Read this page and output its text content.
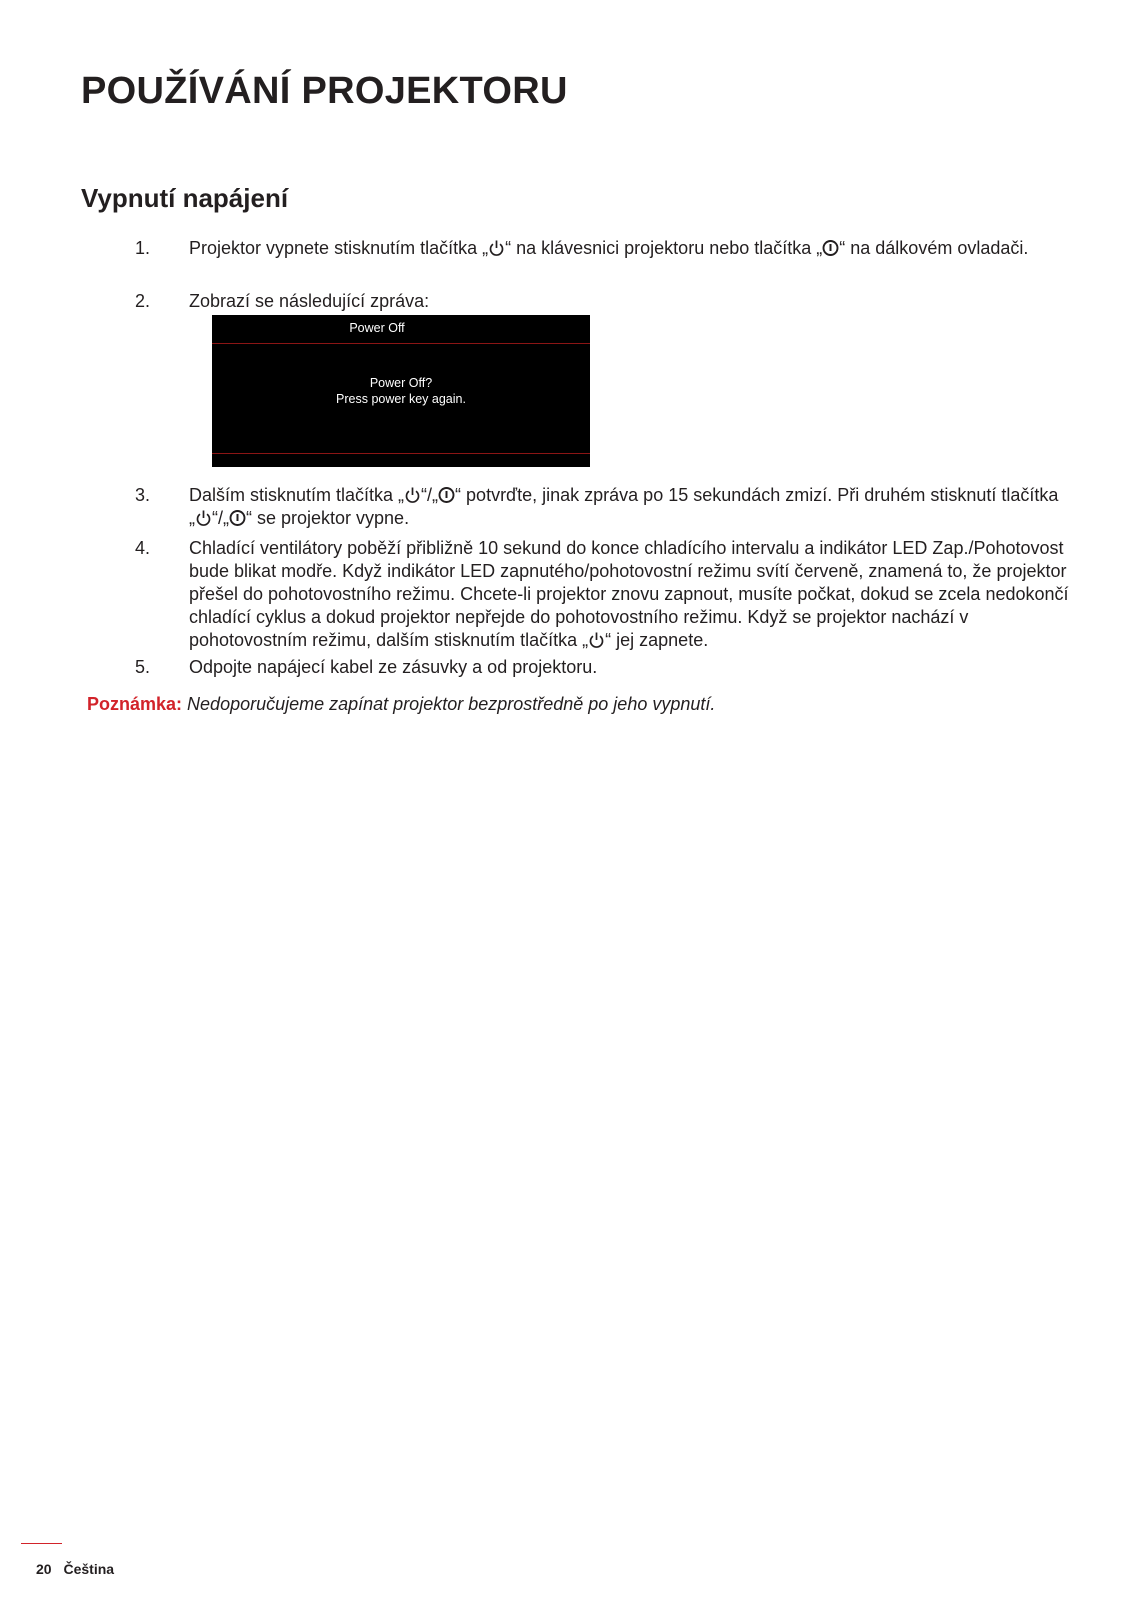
POUŽÍVÁNÍ PROJEKTORU
Vypnutí napájení
1. Projektor vypnete stisknutím tlačítka „ “ na klávesnici projektoru nebo tlačítka „ “ na dálkovém ovladači.
2. Zobrazí se následující zpráva:
3. Dalším stisknutím tlačítka „ “/„ “ potvrďte, jinak zpráva po 15 sekundách zmizí. Při druhém stisknutí tlačítka „ “/„ “ se projektor vypne.
4. Chladící ventilátory poběží přibližně 10 sekund do konce chladícího intervalu a indikátor LED Zap./Pohotovost bude blikat modře. Když indikátor LED zapnutého/pohotovostní režimu svítí červeně, znamená to, že projektor přešel do pohotovostního režimu. Chcete-li projektor znovu zapnout, musíte počkat, dokud se zcela nedokončí chladící cyklus a dokud projektor nepřejde do pohotovostního režimu. Když se projektor nachází v pohotovostním režimu, dalším stisknutím tlačítka „ “ jej zapnete.
5. Odpojte napájecí kabel ze zásuvky a od projektoru.
Power Off
Power Off?
Press power key again.
Poznámka: Nedoporučujeme zapínat projektor bezprostředně po jeho vypnutí.
20 Čeština
